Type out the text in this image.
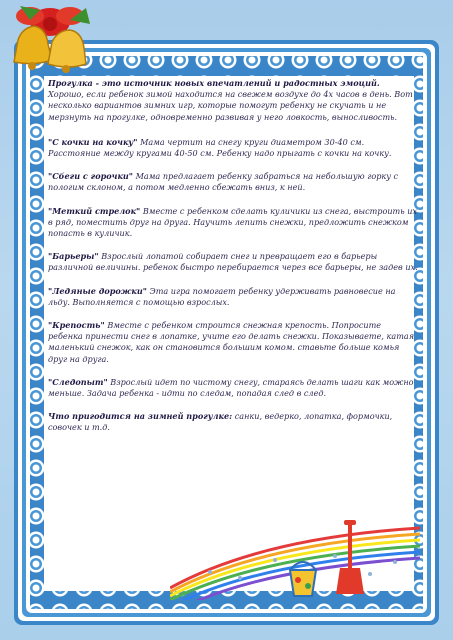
Прогулка - это источник новых впечатлений и радостных эмоций.
Хорошо, если ребенок зимой находится на свежем воздухе до 4х часов в день. Вот несколько вариантов зимних игр, которые помогут ребенку не скучать и не мерзнуть на прогулке, одновременно развивая у него ловкость, выносливость.

"С кочки на кочку" Мама чертит на снегу круги диаметром 30-40 см. Расстояние между кругами 40-50 см. Ребенку надо прыгать с кочки на кочку.

"Сбеги с горочки" Мама предлагает ребенку забраться на небольшую горку с пологим склоном, а потом медленно сбежать вниз, к ней.

"Меткий стрелок" Вместе с ребенком сделать куличики из снега, выстроить их в ряд, поместить друг на друга. Научить лепить снежки, предложить снежком попасть в куличик.

"Барьеры" Взрослый лопатой собирает снег и превращает его в барьеры различной величины. ребенок быстро перебирается через все барьеры, не задев их.

"Ледяные дорожки" Эта игра помогает ребенку удерживать равновесие на льду. Выполняется с помощью взрослых.

"Крепость" Вместе с ребенком строится снежная крепость. Попросите ребенка принести снег в лопатке, учите его делать снежки. Показываете, катая маленький снежок, как он становится большим комом. ставьте больше комья друг на друга.

"Следопыт" Взрослый идет по чистому снегу, стараясь делать шаги как можно меньше. Задача ребенка - идти по следам, попадая след в след.

Что пригодится на зимней прогулке: санки, ведерко, лопатка, формочки, совочек и т.д.
